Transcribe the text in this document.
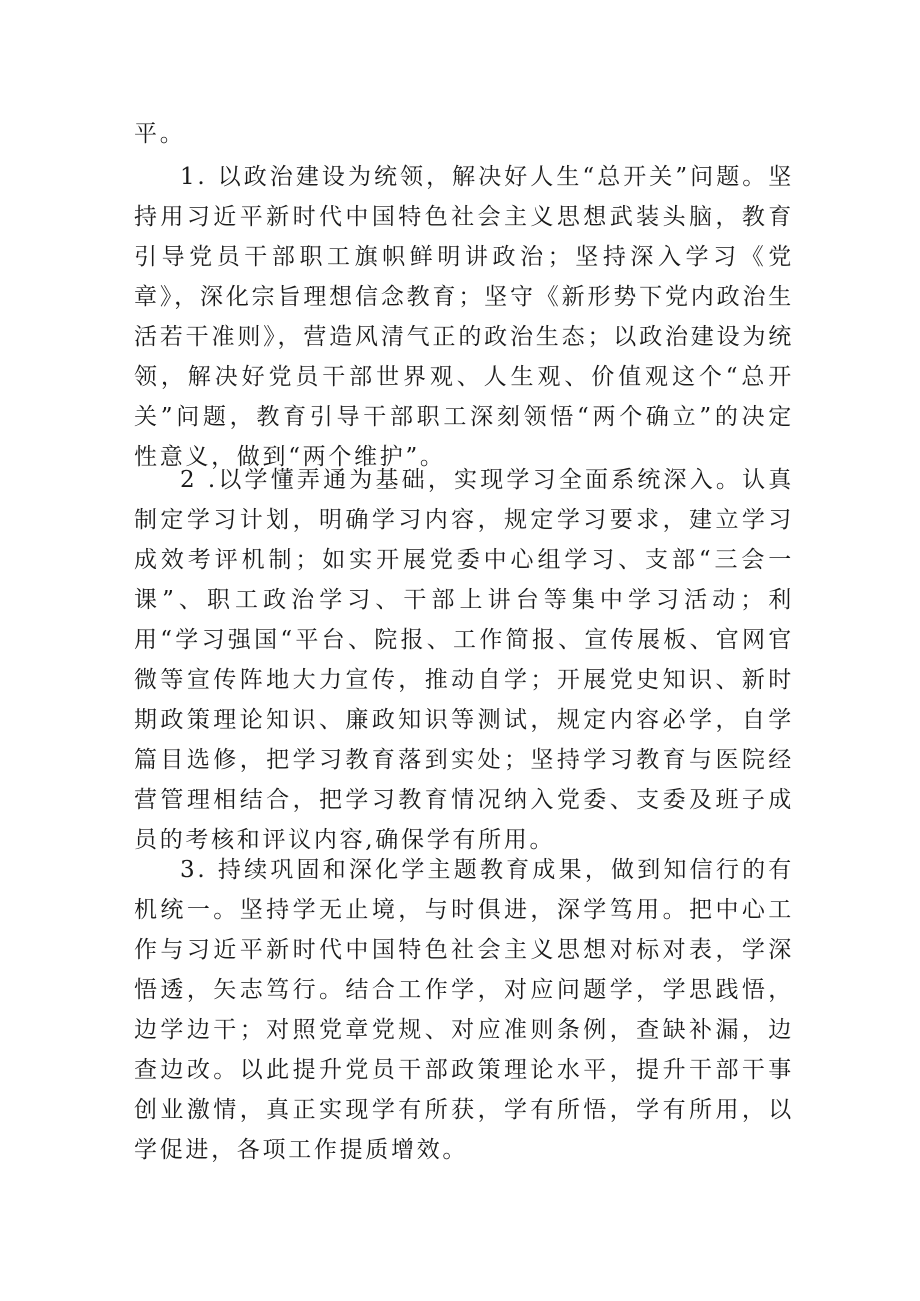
平。

1. 以政治建设为统领，解决好人生“总开关”问题。坚持用习近平新时代中国特色社会主义思想武装头脑，教育引导党员干部职工旗帜鲜明讲政治；坚持深入学习《党章》，深化宗旨理想信念教育；坚守《新形势下党内政治生活若干准则》，营造风清气正的政治生态；以政治建设为统领，解决好党员干部世界观、人生观、价值观这个“总开关”问题，教育引导干部职工深刻领悟“两个确立”的决定性意义，做到“两个维护”。

2 .以学懂弄通为基础，实现学习全面系统深入。认真制定学习计划，明确学习内容，规定学习要求，建立学习成效考评机制；如实开展党委中心组学习、支部“三会一课”、职工政治学习、干部上讲台等集中学习活动；利用“学习强国“平台、院报、工作简报、宣传展板、官网官微等宣传阵地大力宣传，推动自学；开展党史知识、新时期政策理论知识、廉政知识等测试，规定内容必学，自学篇目选修，把学习教育落到实处；坚持学习教育与医院经营管理相结合，把学习教育情况纳入党委、支委及班子成员的考核和评议内容,确保学有所用。

3. 持续巩固和深化学主题教育成果，做到知信行的有机统一。坚持学无止境，与时俱进，深学笃用。把中心工作与习近平新时代中国特色社会主义思想对标对表，学深悟透，矢志笃行。结合工作学，对应问题学，学思践悟，边学边干；对照党章党规、对应准则条例，查缺补漏，边查边改。以此提升党员干部政策理论水平，提升干部干事创业激情，真正实现学有所获，学有所悟，学有所用，以学促进，各项工作提质增效。
